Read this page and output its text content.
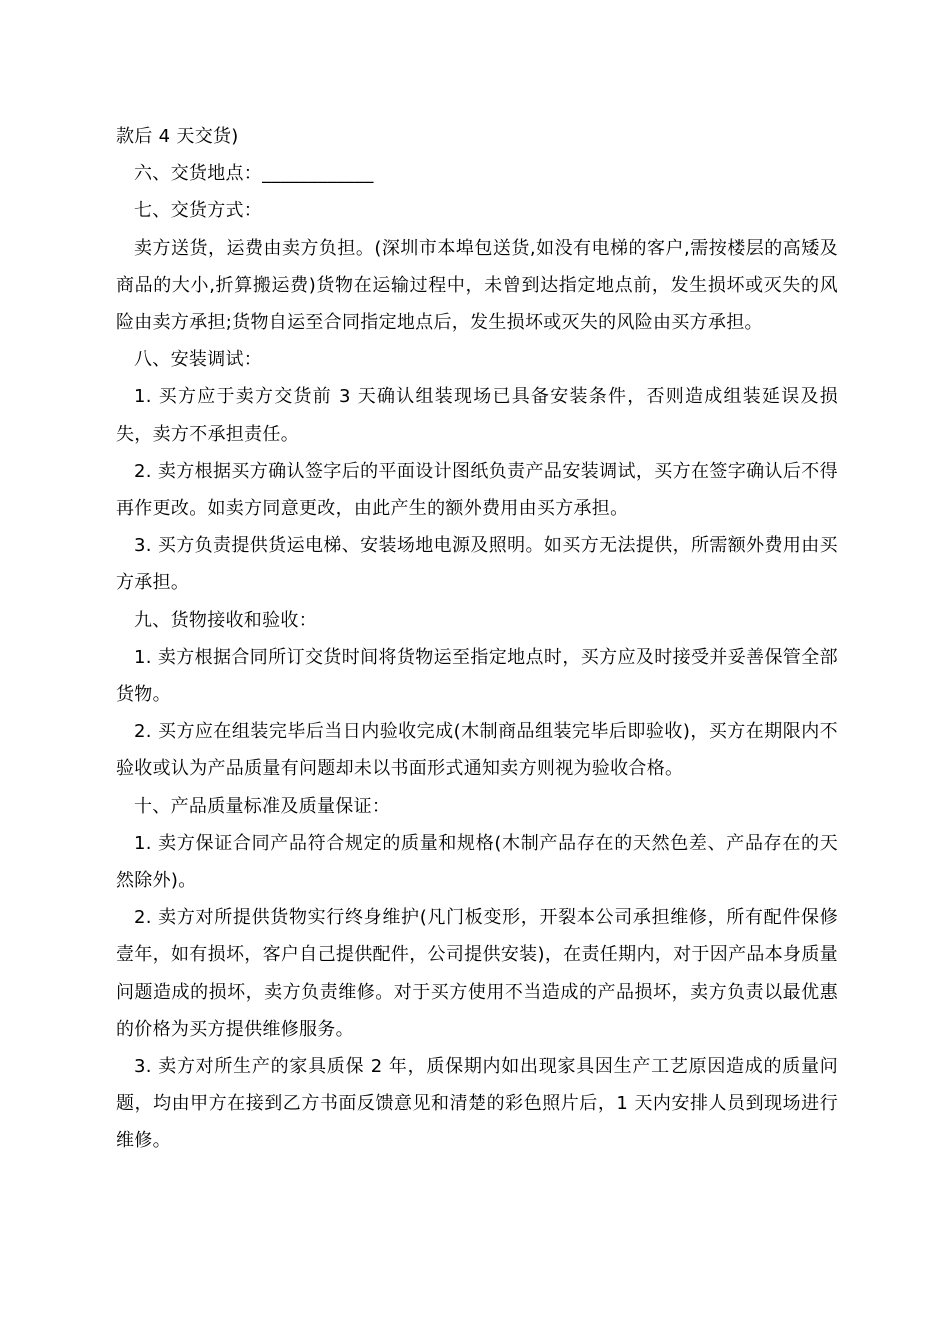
款后 4 天交货)

六、交货地点：____________

七、交货方式：

卖方送货，运费由卖方负担。(深圳市本埠包送货,如没有电梯的客户,需按楼层的高矮及商品的大小,折算搬运费)货物在运输过程中，未曾到达指定地点前，发生损坏或灭失的风险由卖方承担;货物自运至合同指定地点后，发生损坏或灭失的风险由买方承担。

八、安装调试：

1. 买方应于卖方交货前 3 天确认组装现场已具备安装条件，否则造成组装延误及损失，卖方不承担责任。

2. 卖方根据买方确认签字后的平面设计图纸负责产品安装调试，买方在签字确认后不得再作更改。如卖方同意更改，由此产生的额外费用由买方承担。

3. 买方负责提供货运电梯、安装场地电源及照明。如买方无法提供，所需额外费用由买方承担。

九、货物接收和验收：

1. 卖方根据合同所订交货时间将货物运至指定地点时，买方应及时接受并妥善保管全部货物。

2. 买方应在组装完毕后当日内验收完成(木制商品组装完毕后即验收)，买方在期限内不验收或认为产品质量有问题却未以书面形式通知卖方则视为验收合格。

十、产品质量标准及质量保证：

1. 卖方保证合同产品符合规定的质量和规格(木制产品存在的天然色差、产品存在的天然除外)。

2. 卖方对所提供货物实行终身维护(凡门板变形，开裂本公司承担维修，所有配件保修壹年，如有损坏，客户自己提供配件，公司提供安装)，在责任期内，对于因产品本身质量问题造成的损坏，卖方负责维修。对于买方使用不当造成的产品损坏，卖方负责以最优惠的价格为买方提供维修服务。

3. 卖方对所生产的家具质保 2 年，质保期内如出现家具因生产工艺原因造成的质量问题，均由甲方在接到乙方书面反馈意见和清楚的彩色照片后，1 天内安排人员到现场进行维修。
